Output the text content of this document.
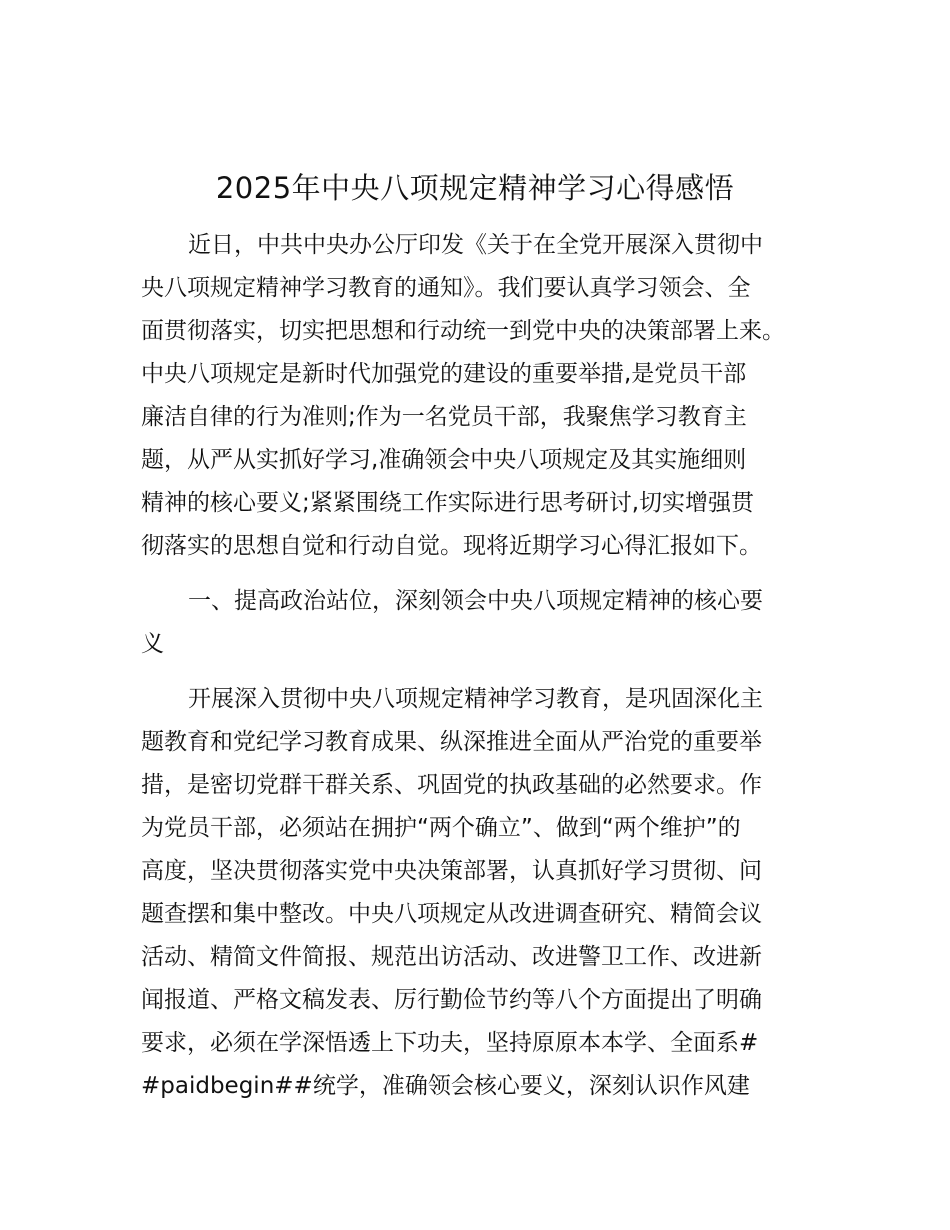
2025年中央八项规定精神学习心得感悟

近日，中共中央办公厅印发《关于在全党开展深入贯彻中

央八项规定精神学习教育的通知》。我们要认真学习领会、全

面贯彻落实，切实把思想和行动统一到党中央的决策部署上来。

中央八项规定是新时代加强党的建设的重要举措,是党员干部

廉洁自律的行为准则;作为一名党员干部，我聚焦学习教育主

题，从严从实抓好学习,准确领会中央八项规定及其实施细则

精神的核心要义;紧紧围绕工作实际进行思考研讨,切实增强贯

彻落实的思想自觉和行动自觉。现将近期学习心得汇报如下。

一、提高政治站位，深刻领会中央八项规定精神的核心要

义

开展深入贯彻中央八项规定精神学习教育，是巩固深化主

题教育和党纪学习教育成果、纵深推进全面从严治党的重要举

措，是密切党群干群关系、巩固党的执政基础的必然要求。作

为党员干部，必须站在拥护“两个确立”、做到“两个维护”的

高度，坚决贯彻落实党中央决策部署，认真抓好学习贯彻、问

题查摆和集中整改。中央八项规定从改进调查研究、精简会议

活动、精简文件简报、规范出访活动、改进警卫工作、改进新

闻报道、严格文稿发表、厉行勤俭节约等八个方面提出了明确

要求，必须在学深悟透上下功夫，坚持原原本本学、全面系#

#paidbegin##统学，准确领会核心要义，深刻认识作风建
